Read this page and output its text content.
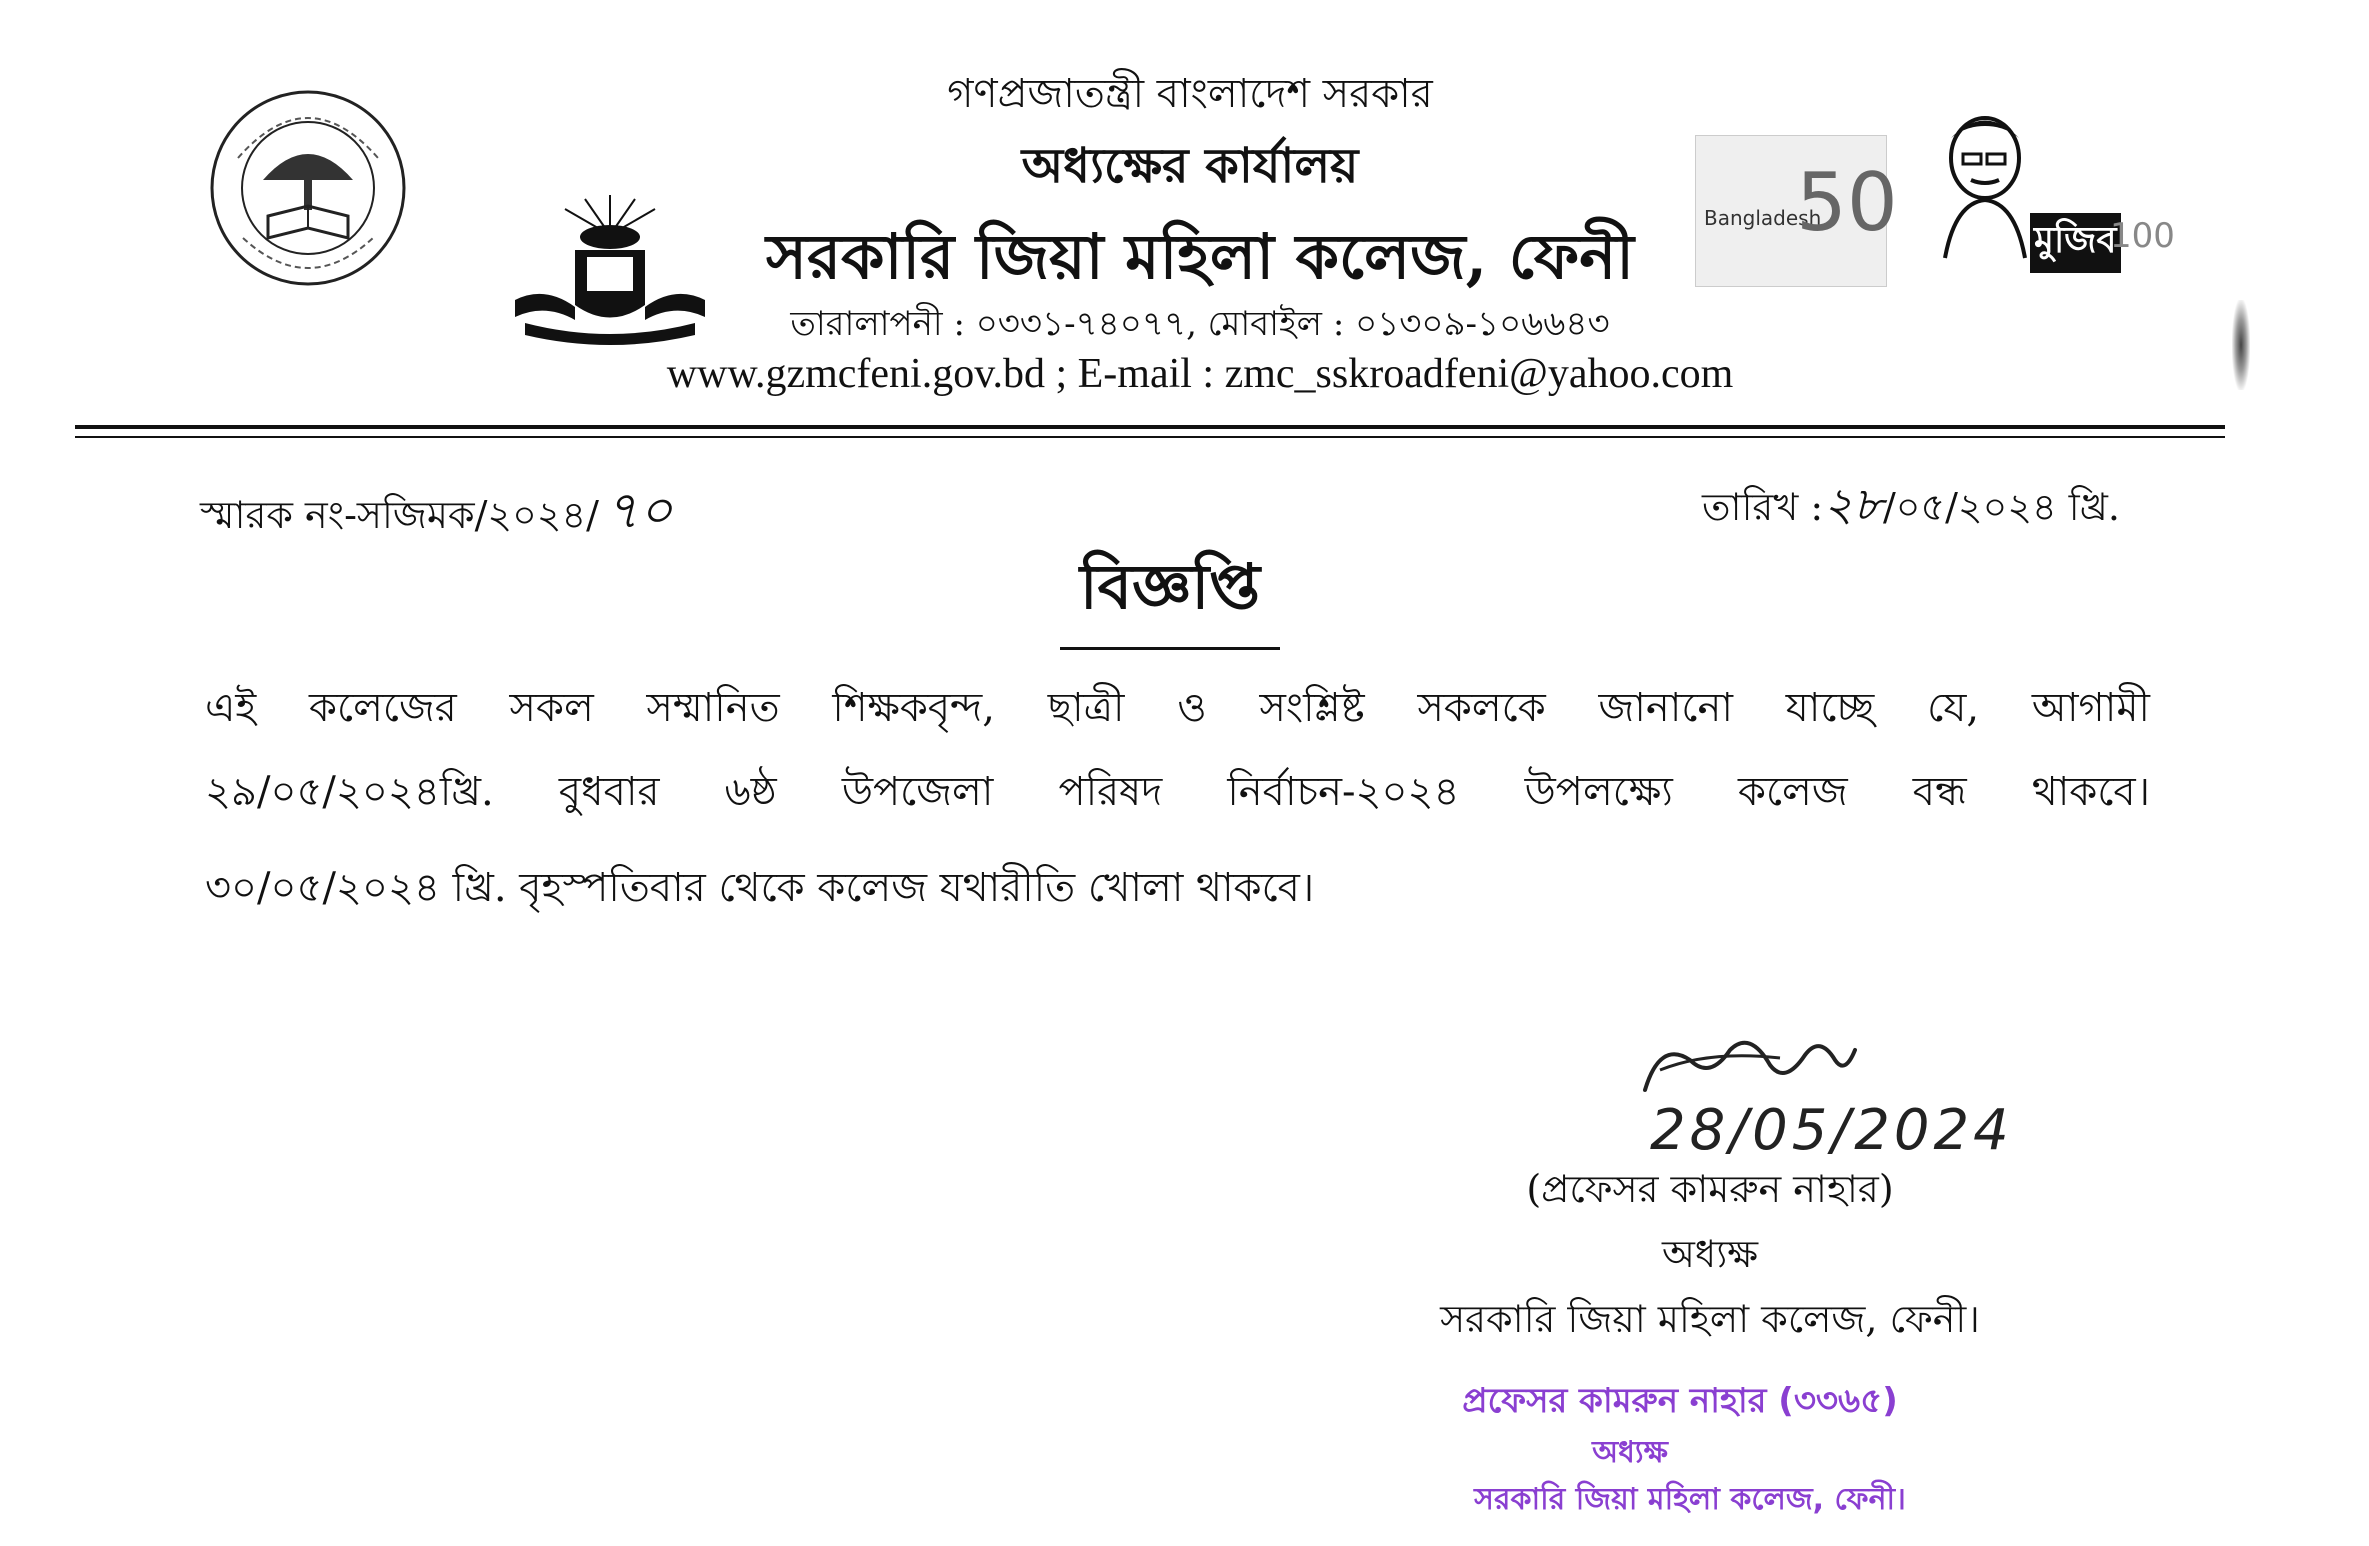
Bangladesh
50	মুজিব
100
গণপ্রজাতন্ত্রী বাংলাদেশ সরকার
অধ্যক্ষের কার্যালয়
সরকারি জিয়া মহিলা কলেজ, ফেনী
তারালাপনী : ০৩৩১-৭৪০৭৭, মোবাইল : ০১৩০৯-১০৬৬৪৩
www.gzmcfeni.gov.bd ; E-mail : zmc_sskroadfeni@yahoo.com
স্মারক নং-সজিমক/২০২৪/ ৭০	তারিখ :২৮/০৫/২০২৪ খ্রি.
বিজ্ঞপ্তি
এই কলেজের সকল সম্মানিত শিক্ষকবৃন্দ, ছাত্রী ও সংশ্লিষ্ট সকলকে জানানো যাচ্ছে যে, আগামী
২৯/০৫/২০২৪খ্রি. বুধবার ৬ষ্ঠ উপজেলা পরিষদ নির্বাচন-২০২৪ উপলক্ষ্যে কলেজ বন্ধ থাকবে।
৩০/০৫/২০২৪ খ্রি. বৃহস্পতিবার থেকে কলেজ যথারীতি খোলা থাকবে।
28/05/2024
(প্রফেসর কামরুন নাহার)
অধ্যক্ষ
সরকারি জিয়া মহিলা কলেজ, ফেনী।
প্রফেসর কামরুন নাহার (৩৩৬৫)
অধ্যক্ষ
সরকারি জিয়া মহিলা কলেজ, ফেনী।
